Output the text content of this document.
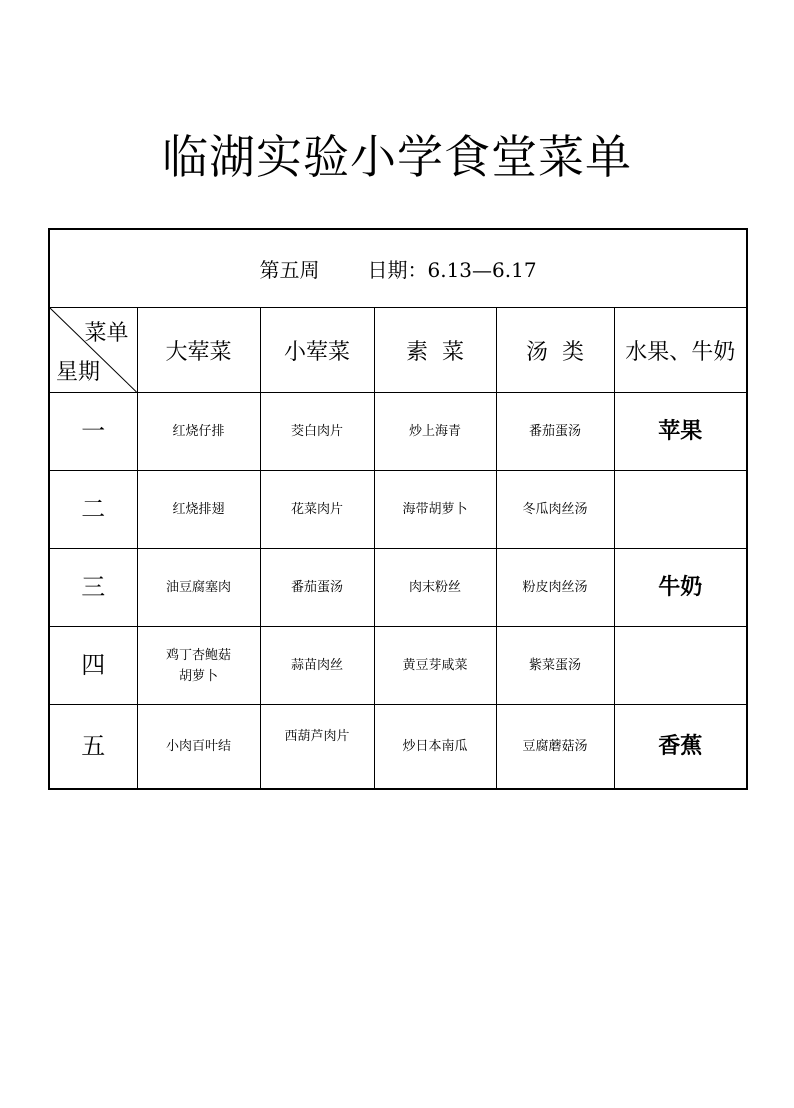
临湖实验小学食堂菜单
第五周 日期：6.13—6.17					

菜单
星期	大荤菜	小荤菜	素  菜	汤  类	水果、牛奶
一	红烧仔排	茭白肉片	炒上海青	番茄蛋汤	苹果
二	红烧排翅	花菜肉片	海带胡萝卜	冬瓜肉丝汤	
三	油豆腐塞肉	番茄蛋汤	肉末粉丝	粉皮肉丝汤	牛奶
四	鸡丁杏鲍菇
胡萝卜	蒜苗肉丝	黄豆芽咸菜	紫菜蛋汤	
五	小肉百叶结	西葫芦肉片	炒日本南瓜	豆腐蘑菇汤	香蕉
